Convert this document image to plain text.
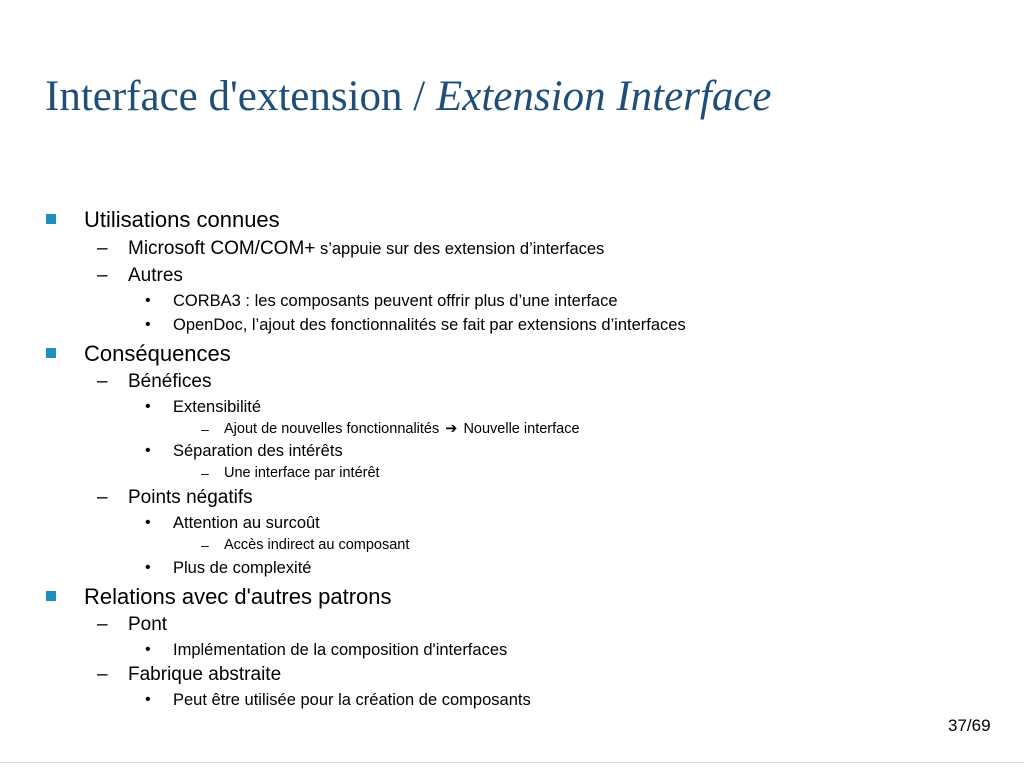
Interface d'extension / Extension Interface
Utilisations connues
– Microsoft COM/COM+ s’appuie sur des extension d’interfaces
– Autres
• CORBA3 : les composants peuvent offrir plus d’une interface
• OpenDoc, l’ajout des fonctionnalités se fait par extensions d’interfaces
Conséquences
– Bénéfices
• Extensibilité
– Ajout de nouvelles fonctionnalités ➔ Nouvelle interface
• Séparation des intérêts
– Une interface par intérêt
– Points négatifs
• Attention au surcoût
– Accès indirect au composant
• Plus de complexité
Relations avec d'autres patrons
– Pont
• Implémentation de la composition d'interfaces
– Fabrique abstraite
• Peut être utilisée pour la création de composants
37/69
